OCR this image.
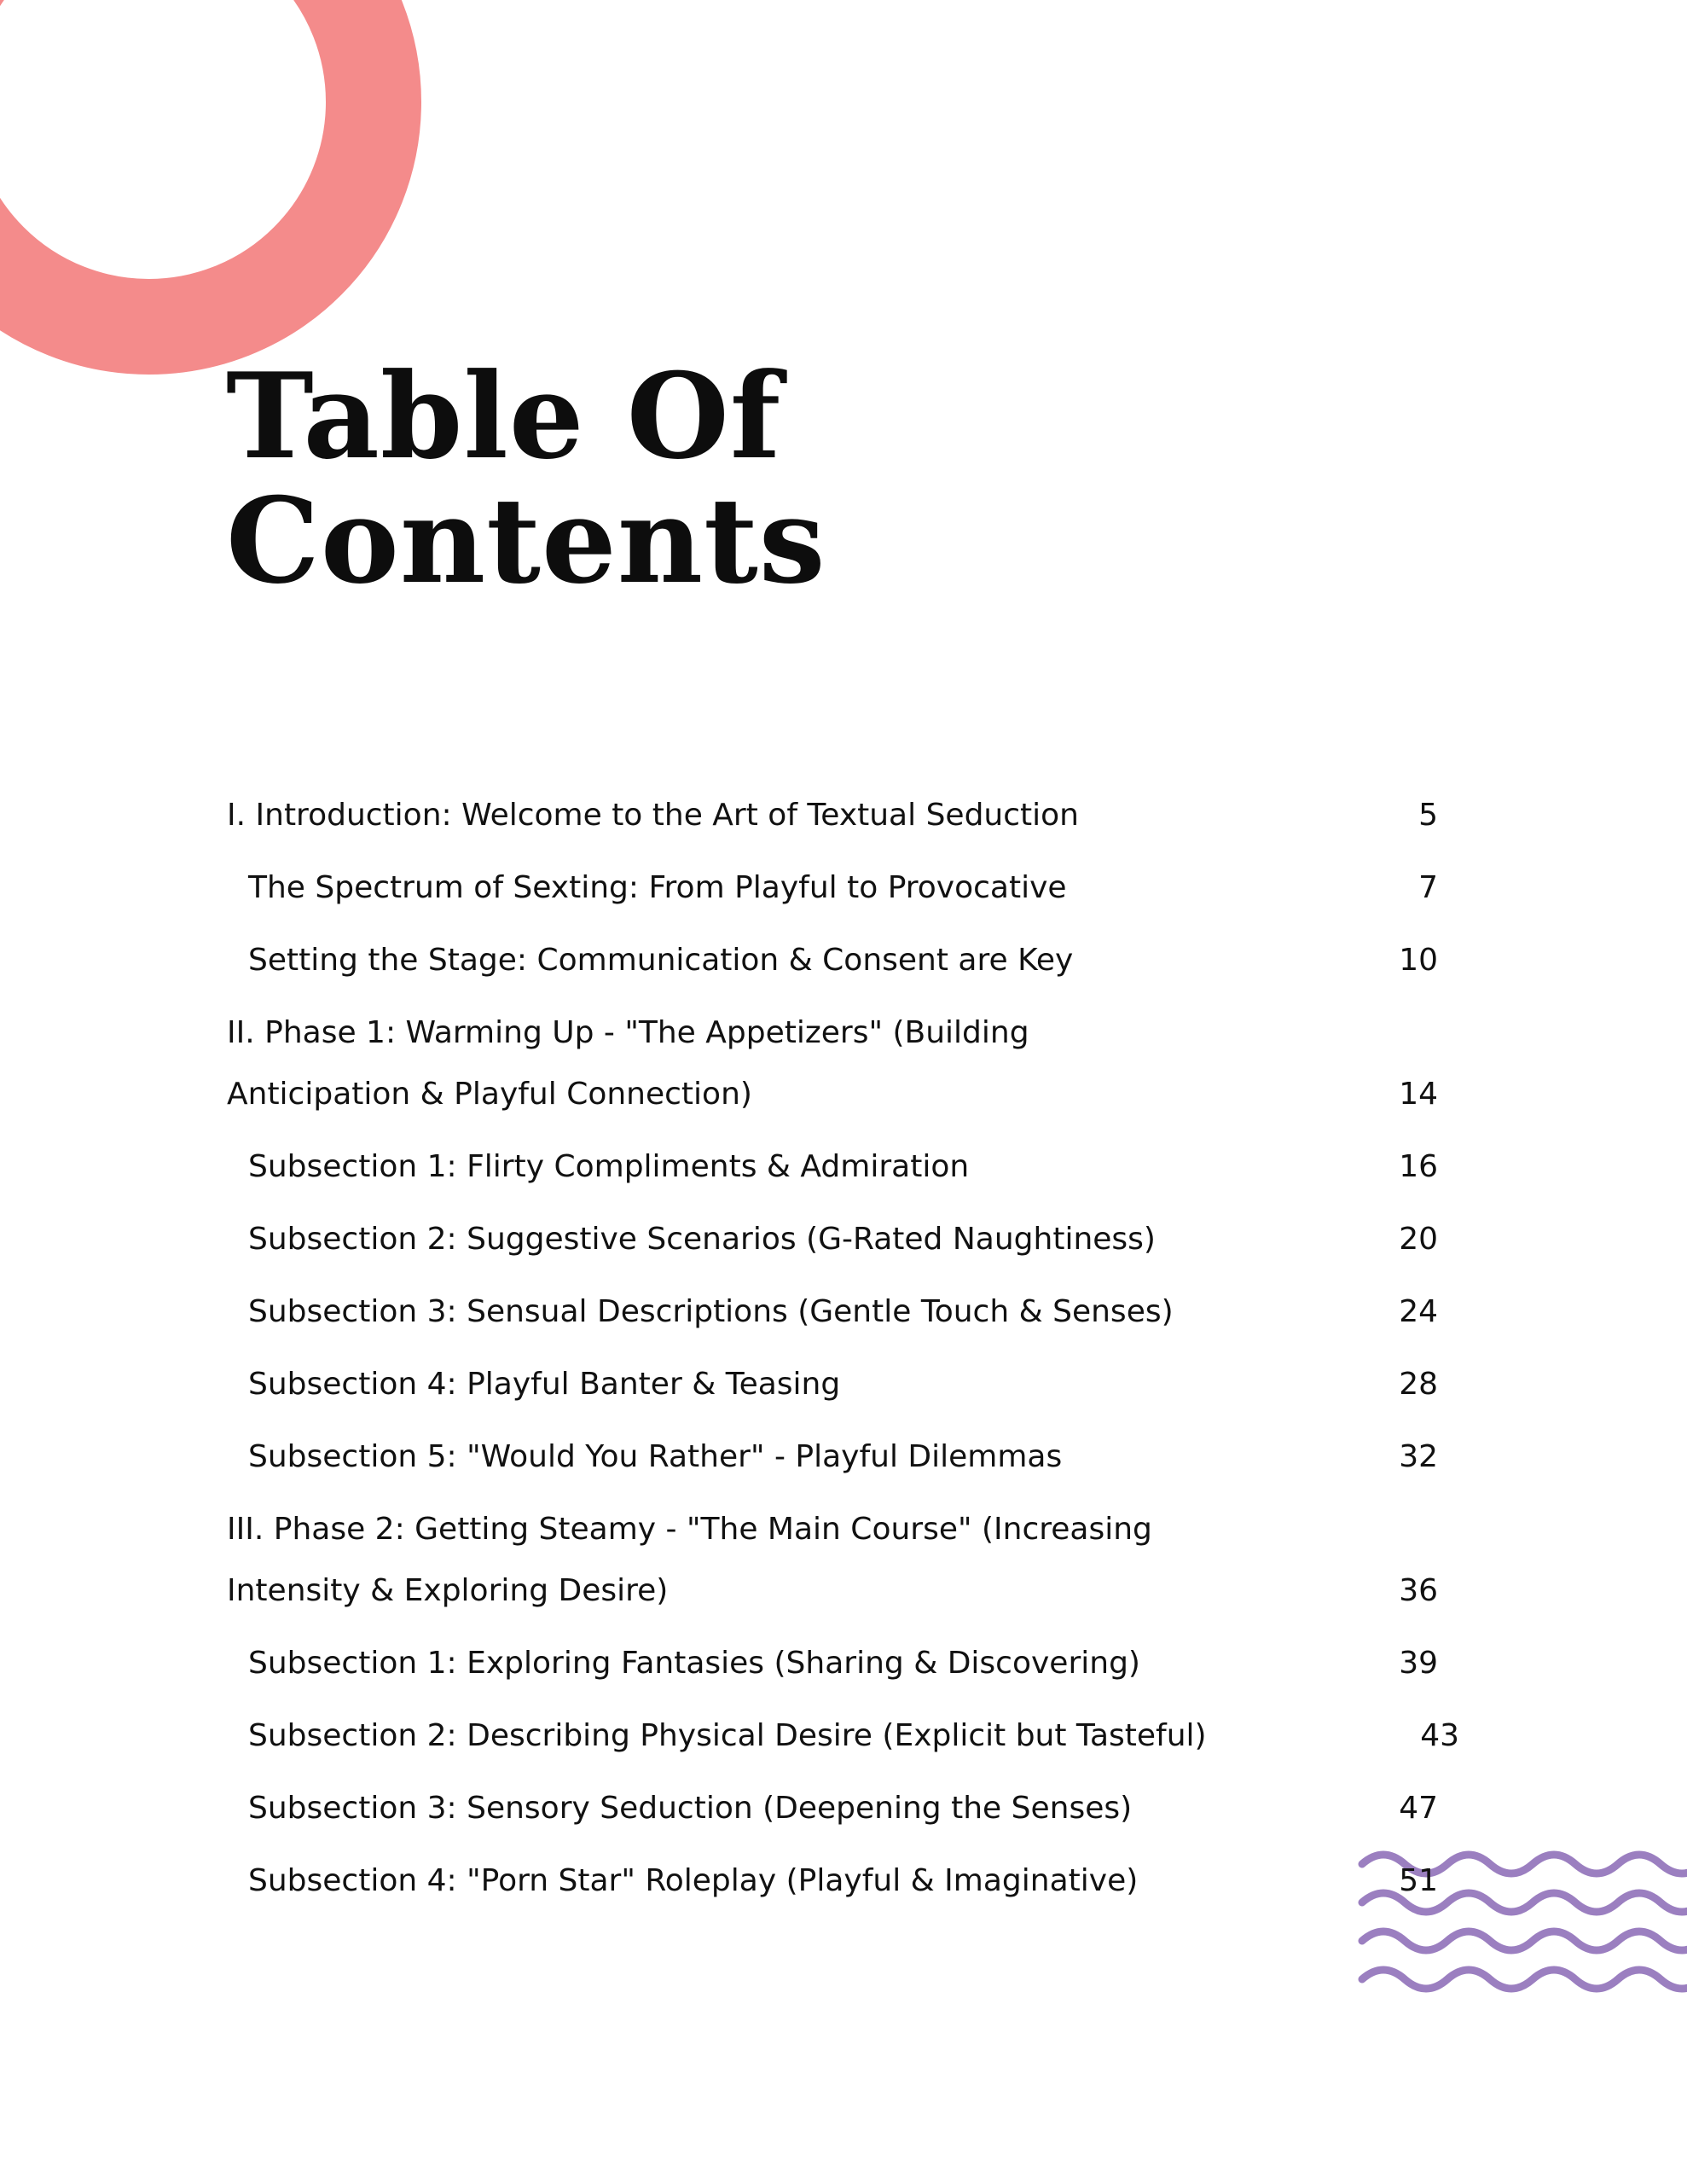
Table Of
Contents
I. Introduction: Welcome to the Art of Textual Seduction	5
The Spectrum of Sexting: From Playful to Provocative	7
Setting the Stage: Communication & Consent are Key	10
II. Phase 1: Warming Up - "The Appetizers" (Building Anticipation & Playful Connection)	14
Subsection 1: Flirty Compliments & Admiration	16
Subsection 2: Suggestive Scenarios (G-Rated Naughtiness)	20
Subsection 3: Sensual Descriptions (Gentle Touch & Senses)	24
Subsection 4: Playful Banter & Teasing	28
Subsection 5: "Would You Rather" - Playful Dilemmas	32
III. Phase 2: Getting Steamy - "The Main Course" (Increasing Intensity & Exploring Desire)	36
Subsection 1: Exploring Fantasies (Sharing & Discovering)	39
Subsection 2: Describing Physical Desire (Explicit but Tasteful)	43
Subsection 3: Sensory Seduction (Deepening the Senses)	47
Subsection 4: "Porn Star" Roleplay (Playful & Imaginative)	51
